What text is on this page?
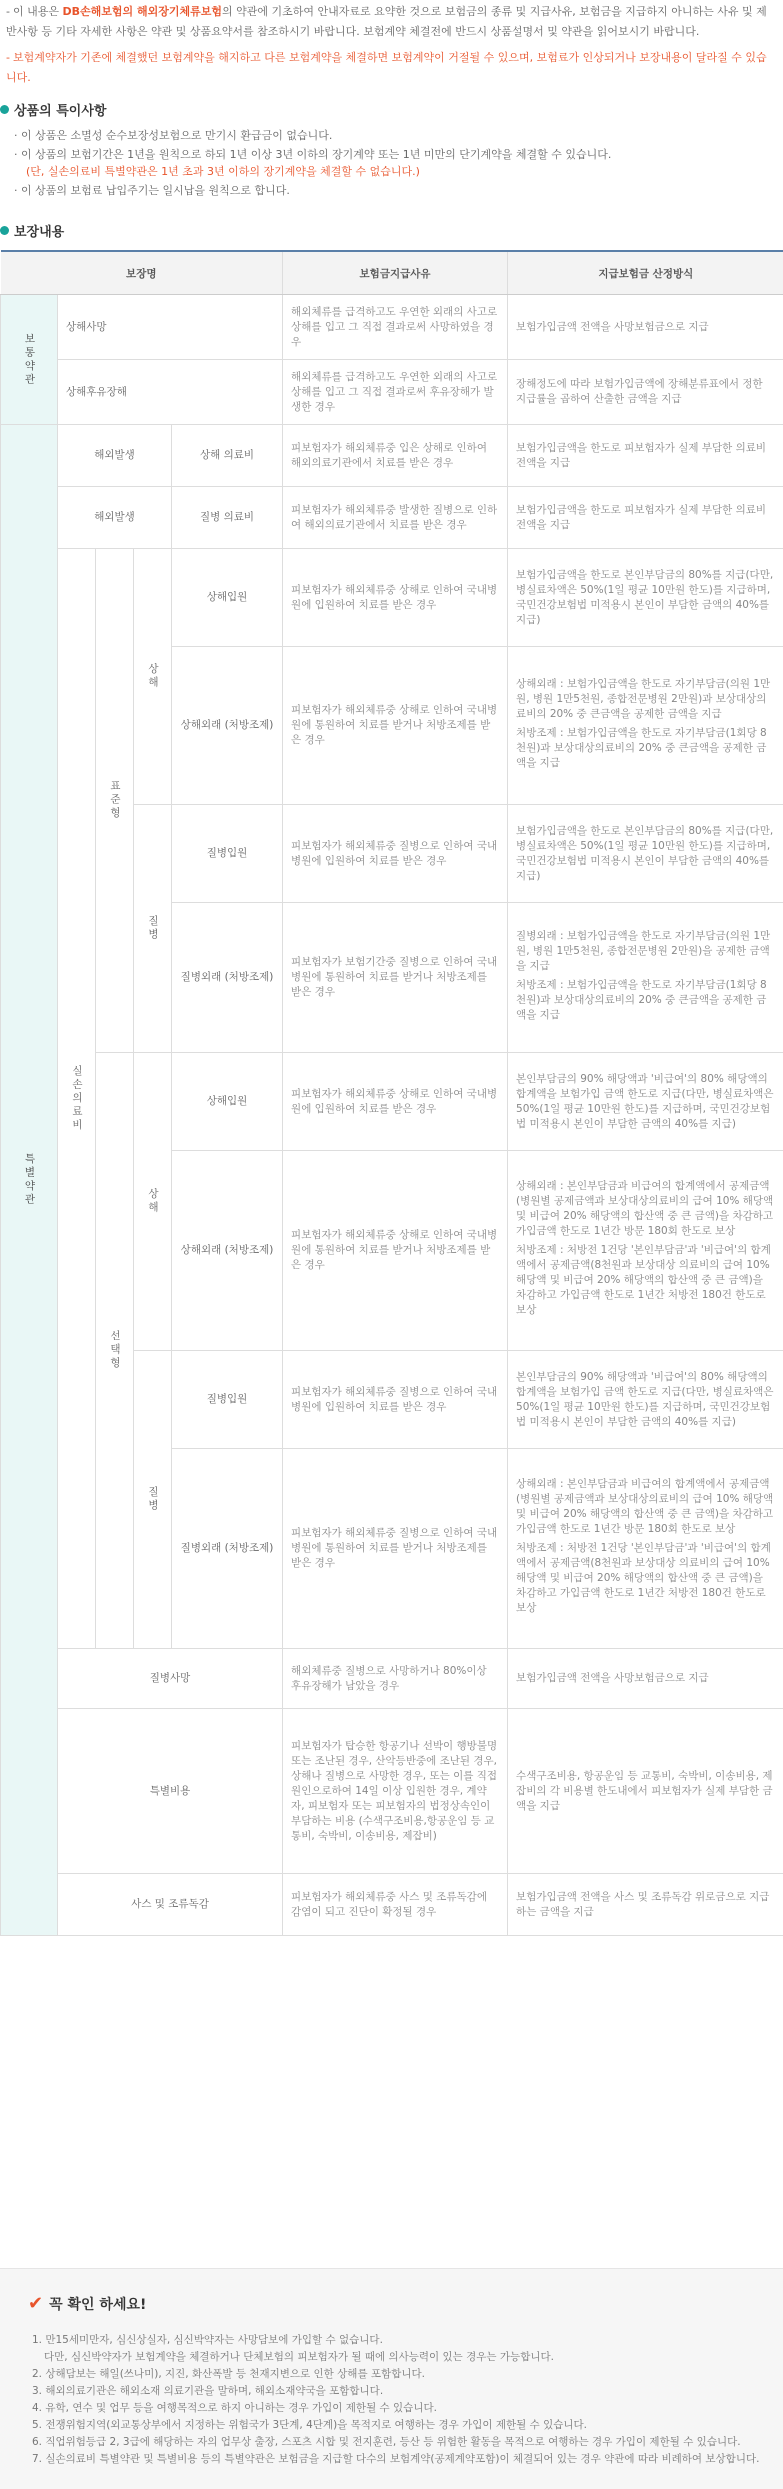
- 이 내용은 DB손해보험의 해외장기체류보험의 약관에 기초하여 안내자료로 요약한 것으로 보험금의 종류 및 지급사유, 보험금을 지급하지 아니하는 사유 및 제반사항 등 기타 자세한 사항은 약관 및 상품요약서를 참조하시기 바랍니다. 보험계약 체결전에 반드시 상품설명서 및 약관을 읽어보시기 바랍니다.

- 보험계약자가 기존에 체결했던 보험계약을 해지하고 다른 보험계약을 체결하면 보험계약이 거절될 수 있으며, 보험료가 인상되거나 보장내용이 달라질 수 있습니다.

상품의 특이사항
· 이 상품은 소멸성 순수보장성보험으로 만기시 환급금이 없습니다.
· 이 상품의 보험기간은 1년을 원칙으로 하되 1년 이상 3년 이하의 장기계약 또는 1년 미만의 단기계약을 체결할 수 있습니다.
(단, 실손의료비 특별약관은 1년 초과 3년 이하의 장기계약을 체결할 수 없습니다.)
· 이 상품의 보험료 납입주기는 일시납을 원칙으로 합니다.
보장내용
보장명					보험금지급사유	지급보험금 산정방식
보통약관	상해사망				해외체류를 급격하고도 우연한 외래의 사고로 상해를 입고 그 직접 결과로써 사망하였을 경우	보험가입금액 전액을 사망보험금으로 지급
	상해후유장해				해외체류를 급격하고도 우연한 외래의 사고로 상해를 입고 그 직접 결과로써 후유장해가 발생한 경우	장해정도에 따라 보험가입금액에 장해분류표에서 정한 지급률을 곱하여 산출한 금액을 지급
특별약관	해외발생			상해 의료비	피보험자가 해외체류중 입은 상해로 인하여 해외의료기관에서 치료를 받은 경우	보험가입금액을 한도로 피보험자가 실제 부담한 의료비 전액을 지급
	해외발생			질병 의료비	피보험자가 해외체류중 발생한 질병으로 인하여 해외의료기관에서 치료를 받은 경우	보험가입금액을 한도로 피보험자가 실제 부담한 의료비 전액을 지급
	실손의료비	표준형	상해	상해입원	피보험자가 해외체류중 상해로 인하여 국내병원에 입원하여 치료를 받은 경우	보험가입금액을 한도로 본인부담금의 80%를 지급(다만, 병실료차액은 50%(1일 평균 10만원 한도)를 지급하며, 국민건강보험법 미적용시 본인이 부담한 금액의 40%를 지급)
				상해외래 (처방조제)	피보험자가 해외체류중 상해로 인하여 국내병원에 통원하여 치료를 받거나 처방조제를 받은 경우	상해외래 : 보험가입금액을 한도로 자기부담금(의원 1만원, 병원 1만5천원, 종합전문병원 2만원)과 보상대상의료비의 20% 중 큰금액을 공제한 금액을 지급
처방조제 : 보험가입금액을 한도로 자기부담금(1회당 8천원)과 보상대상의료비의 20% 중 큰금액을 공제한 금액을 지급

			질병	질병입원	피보험자가 해외체류중 질병으로 인하여 국내병원에 입원하여 치료를 받은 경우	보험가입금액을 한도로 본인부담금의 80%를 지급(다만, 병실료차액은 50%(1일 평균 10만원 한도)를 지급하며, 국민건강보험법 미적용시 본인이 부담한 금액의 40%를 지급)
				질병외래 (처방조제)	피보험자가 보험기간중 질병으로 인하여 국내병원에 통원하여 치료를 받거나 처방조제를 받은 경우	질병외래 : 보험가입금액을 한도로 자기부담금(의원 1만원, 병원 1만5천원, 종합전문병원 2만원)을 공제한 금액을 지급
처방조제 : 보험가입금액을 한도로 자기부담금(1회당 8천원)과 보상대상의료비의 20% 중 큰금액을 공제한 금액을 지급

		선택형	상해	상해입원	피보험자가 해외체류중 상해로 인하여 국내병원에 입원하여 치료를 받은 경우	본인부담금의 90% 해당액과 '비급여'의 80% 해당액의 합계액을 보험가입 금액 한도로 지급(다만, 병실료차액은 50%(1일 평균 10만원 한도)를 지급하며, 국민건강보험법 미적용시 본인이 부담한 금액의 40%를 지급)
				상해외래 (처방조제)	피보험자가 해외체류중 상해로 인하여 국내병원에 통원하여 치료를 받거나 처방조제를 받은 경우	상해외래 : 본인부담금과 비급여의 합계액에서 공제금액(병원별 공제금액과 보상대상의료비의 급여 10% 해당액 및 비급여 20% 해당액의 합산액 중 큰 금액)을 차감하고 가입금액 한도로 1년간 방문 180회 한도로 보상
처방조제 : 처방전 1건당 '본인부담금'과 '비급여'의 합계액에서 공제금액(8천원과 보상대상 의료비의 급여 10% 해당액 및 비급여 20% 해당액의 합산액 중 큰 금액)을 차감하고 가입금액 한도로 1년간 처방전 180건 한도로 보상

			질병	질병입원	피보험자가 해외체류중 질병으로 인하여 국내병원에 입원하여 치료를 받은 경우	본인부담금의 90% 해당액과 '비급여'의 80% 해당액의 합계액을 보험가입 금액 한도로 지급(다만, 병실료차액은 50%(1일 평균 10만원 한도)를 지급하며, 국민건강보험법 미적용시 본인이 부담한 금액의 40%를 지급)
				질병외래 (처방조제)	피보험자가 해외체류중 질병으로 인하여 국내병원에 통원하여 치료를 받거나 처방조제를 받은 경우	상해외래 : 본인부담금과 비급여의 합계액에서 공제금액(병원별 공제금액과 보상대상의료비의 급여 10% 해당액 및 비급여 20% 해당액의 합산액 중 큰 금액)을 차감하고 가입금액 한도로 1년간 방문 180회 한도로 보상
처방조제 : 처방전 1건당 '본인부담금'과 '비급여'의 합계액에서 공제금액(8천원과 보상대상 의료비의 급여 10% 해당액 및 비급여 20% 해당액의 합산액 중 큰 금액)을 차감하고 가입금액 한도로 1년간 처방전 180건 한도로 보상

	질병사망				해외체류중 질병으로 사망하거나 80%이상 후유장해가 남았을 경우	보험가입금액 전액을 사망보험금으로 지급
	특별비용				피보험자가 탑승한 항공기나 선박이 행방불명 또는 조난된 경우, 산악등반중에 조난된 경우, 상해나 질병으로 사망한 경우, 또는 이를 직접 원인으로하여 14일 이상 입원한 경우, 계약자, 피보험자 또는 피보험자의 법정상속인이 부담하는 비용 (수색구조비용,항공운임 등 교통비, 숙박비, 이송비용, 제잡비)	수색구조비용, 항공운임 등 교통비, 숙박비, 이송비용, 제잡비의 각 비용별 한도내에서 피보험자가 실제 부담한 금액을 지급
	사스 및 조류독감				피보험자가 해외체류중 사스 및 조류독감에 감염이 되고 진단이 확정될 경우	보험가입금액 전액을 사스 및 조류독감 위로금으로 지급하는 금액을 지급
✔ 꼭 확인 하세요!
1. 만15세미만자, 심신상실자, 심신박약자는 사망담보에 가입할 수 없습니다.
다만, 심신박약자가 보험계약을 체결하거나 단체보험의 피보험자가 될 때에 의사능력이 있는 경우는 가능합니다.
2. 상해담보는 해일(쓰나미), 지진, 화산폭발 등 천재지변으로 인한 상해를 포함합니다.
3. 해외의료기관은 해외소재 의료기관을 말하며, 해외소재약국을 포함합니다.
4. 유학, 연수 및 업무 등을 여행목적으로 하지 아니하는 경우 가입이 제한될 수 있습니다.
5. 전쟁위험지역(외교통상부에서 지정하는 위험국가 3단계, 4단계)을 목적지로 여행하는 경우 가입이 제한될 수 있습니다.
6. 직업위험등급 2, 3급에 해당하는 자의 업무상 출장, 스포츠 시합 및 전지훈련, 등산 등 위험한 활동을 목적으로 여행하는 경우 가입이 제한될 수 있습니다.
7. 실손의료비 특별약관 및 특별비용 등의 특별약관은 보험금을 지급할 다수의 보험계약(공제계약포함)이 체결되어 있는 경우 약관에 따라 비례하여 보상합니다.
